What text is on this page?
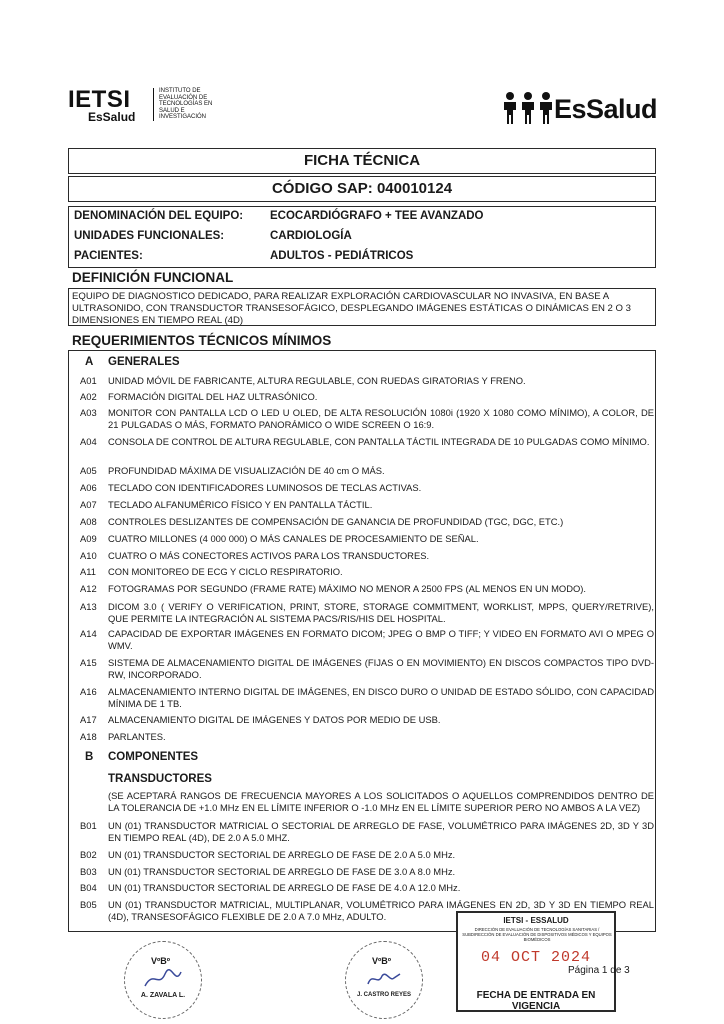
IETSI
EsSalud
INSTITUTO DE
EVALUACIÓN DE
TECNOLOGÍAS EN
SALUD E
INVESTIGACIÓN	EsSalud
FICHA TÉCNICA
CÓDIGO SAP: 040010124
DENOMINACIÓN DEL EQUIPO: ECOCARDIÓGRAFO + TEE AVANZADO
UNIDADES FUNCIONALES:	CARDIOLOGÍA
PACIENTES:	ADULTOS - PEDIÁTRICOS
DEFINICIÓN FUNCIONAL
EQUIPO DE DIAGNOSTICO DEDICADO, PARA REALIZAR EXPLORACIÓN CARDIOVASCULAR NO INVASIVA, EN BASE A ULTRASONIDO, CON TRANSDUCTOR TRANSESOFÁGICO, DESPLEGANDO IMÁGENES ESTÁTICAS O DINÁMICAS EN 2 O 3 DIMENSIONES EN TIEMPO REAL (4D)
REQUERIMIENTOS TÉCNICOS MÍNIMOS
A GENERALES
A01	UNIDAD MÓVIL DE FABRICANTE, ALTURA REGULABLE, CON RUEDAS GIRATORIAS Y FRENO.
A02	FORMACIÓN DIGITAL DEL HAZ ULTRASÓNICO.
A03	MONITOR CON PANTALLA LCD O LED U OLED, DE ALTA RESOLUCIÓN 1080i (1920 X 1080 COMO MÍNIMO), A COLOR, DE 21 PULGADAS O MÁS, FORMATO PANORÁMICO O WIDE SCREEN O 16:9.
A04	CONSOLA DE CONTROL DE ALTURA REGULABLE, CON PANTALLA TÁCTIL INTEGRADA DE 10 PULGADAS COMO MÍNIMO.
A05	PROFUNDIDAD MÁXIMA DE VISUALIZACIÓN DE 40 cm O MÁS.
A06	TECLADO CON IDENTIFICADORES LUMINOSOS DE TECLAS ACTIVAS.
A07	TECLADO ALFANUMÉRICO FÍSICO Y EN PANTALLA TÁCTIL.
A08	CONTROLES DESLIZANTES DE COMPENSACIÓN DE GANANCIA DE PROFUNDIDAD (TGC, DGC, ETC.)
A09	CUATRO MILLONES (4 000 000) O MÁS CANALES DE PROCESAMIENTO DE SEÑAL.
A10	CUATRO O MÁS CONECTORES ACTIVOS PARA LOS TRANSDUCTORES.
A11	CON MONITOREO DE ECG Y CICLO RESPIRATORIO.
A12	FOTOGRAMAS POR SEGUNDO (FRAME RATE) MÁXIMO NO MENOR A 2500 FPS (AL MENOS EN UN MODO).
A13	DICOM 3.0 ( VERIFY O VERIFICATION, PRINT, STORE, STORAGE COMMITMENT, WORKLIST, MPPS, QUERY/RETRIVE), QUE PERMITE LA INTEGRACIÓN AL SISTEMA PACS/RIS/HIS DEL HOSPITAL.
A14	CAPACIDAD DE EXPORTAR IMÁGENES EN FORMATO DICOM; JPEG O BMP O TIFF; Y VIDEO EN FORMATO AVI O MPEG O WMV.
A15	SISTEMA DE ALMACENAMIENTO DIGITAL DE IMÁGENES (FIJAS O EN MOVIMIENTO) EN DISCOS COMPACTOS TIPO DVD-RW, INCORPORADO.
A16	ALMACENAMIENTO INTERNO DIGITAL DE IMÁGENES, EN DISCO DURO O UNIDAD DE ESTADO SÓLIDO, CON CAPACIDAD MÍNIMA DE 1 TB.
A17	ALMACENAMIENTO DIGITAL DE IMÁGENES Y DATOS POR MEDIO DE USB.
A18	PARLANTES.
B COMPONENTES
TRANSDUCTORES
(SE ACEPTARÁ RANGOS DE FRECUENCIA MAYORES A LOS SOLICITADOS O AQUELLOS COMPRENDIDOS DENTRO DE LA TOLERANCIA DE +1.0 MHz EN EL LÍMITE INFERIOR O -1.0 MHz EN EL LÍMITE SUPERIOR PERO NO AMBOS A LA VEZ)
B01	UN (01) TRANSDUCTOR MATRICIAL O SECTORIAL DE ARREGLO DE FASE, VOLUMÉTRICO PARA IMÁGENES 2D, 3D Y 3D EN TIEMPO REAL (4D), DE 2.0 A 5.0 MHZ.
B02	UN (01) TRANSDUCTOR SECTORIAL DE ARREGLO DE FASE DE 2.0 A 5.0 MHz.
B03	UN (01) TRANSDUCTOR SECTORIAL DE ARREGLO DE FASE DE 3.0 A 8.0 MHz.
B04	UN (01) TRANSDUCTOR SECTORIAL DE ARREGLO DE FASE DE 4.0 A 12.0 MHz.
B05	UN (01) TRANSDUCTOR MATRICIAL, MULTIPLANAR, VOLUMÉTRICO PARA IMÁGENES EN 2D, 3D Y 3D EN TIEMPO REAL (4D), TRANSESOFÁGICO FLEXIBLE DE 2.0 A 7.0 MHz, ADULTO.
VºBº
A. ZAVALA L.
VºBº
J. CASTRO REYES
IETSI - ESSALUD
DIRECCIÓN DE EVALUACIÓN DE TECNOLOGÍAS SANITARIAS / SUBDIRECCIÓN DE EVALUACIÓN DE DISPOSITIVOS MÉDICOS Y EQUIPOS BIOMÉDICOS
04 OCT 2024
FECHA DE ENTRADA EN VIGENCIA
Página 1 de 3
